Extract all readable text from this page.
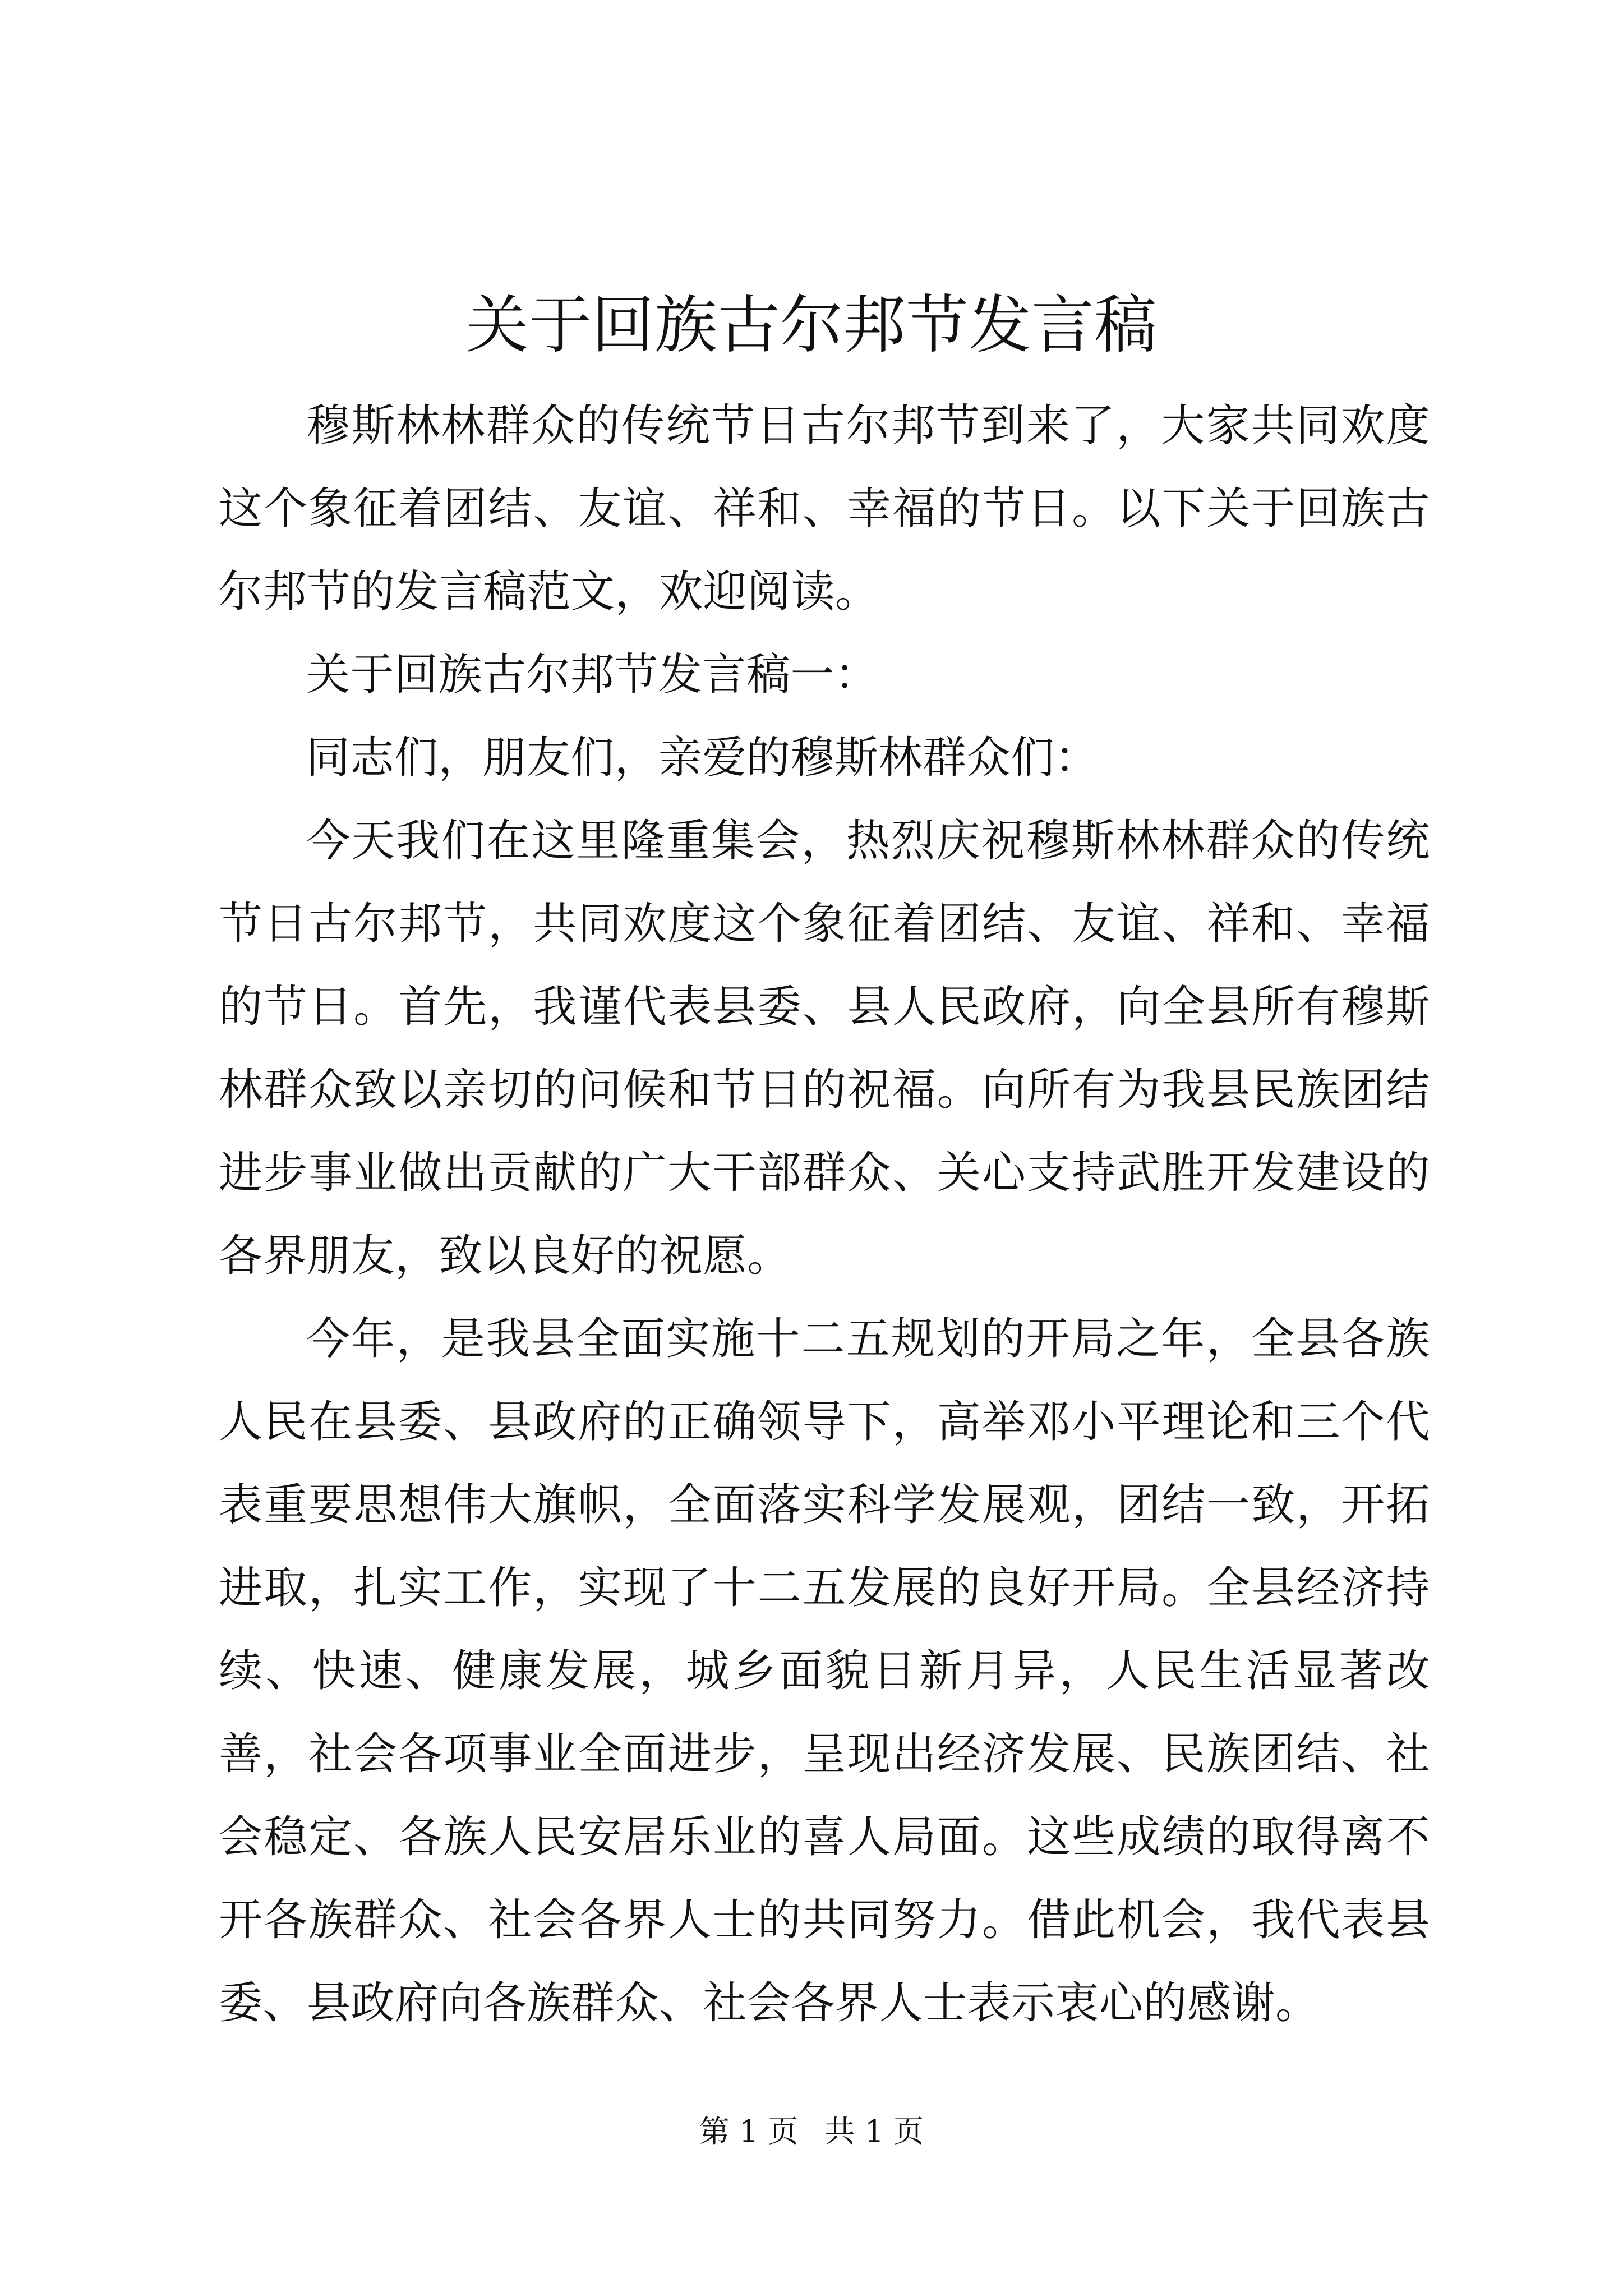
关于回族古尔邦节发言稿

穆斯林林群众的传统节日古尔邦节到来了，大家共同欢度这个象征着团结、友谊、祥和、幸福的节日。以下关于回族古尔邦节的发言稿范文，欢迎阅读。

关于回族古尔邦节发言稿一：

同志们，朋友们，亲爱的穆斯林群众们：

今天我们在这里隆重集会，热烈庆祝穆斯林林群众的传统节日古尔邦节，共同欢度这个象征着团结、友谊、祥和、幸福的节日。首先，我谨代表县委、县人民政府，向全县所有穆斯林群众致以亲切的问候和节日的祝福。向所有为我县民族团结进步事业做出贡献的广大干部群众、关心支持武胜开发建设的各界朋友，致以良好的祝愿。

今年，是我县全面实施十二五规划的开局之年，全县各族人民在县委、县政府的正确领导下，高举邓小平理论和三个代表重要思想伟大旗帜，全面落实科学发展观，团结一致，开拓进取，扎实工作，实现了十二五发展的良好开局。全县经济持续、快速、健康发展，城乡面貌日新月异，人民生活显著改善，社会各项事业全面进步，呈现出经济发展、民族团结、社会稳定、各族人民安居乐业的喜人局面。这些成绩的取得离不开各族群众、社会各界人士的共同努力。借此机会，我代表县委、县政府向各族群众、社会各界人士表示衷心的感谢。

第 1 页 共 1 页
